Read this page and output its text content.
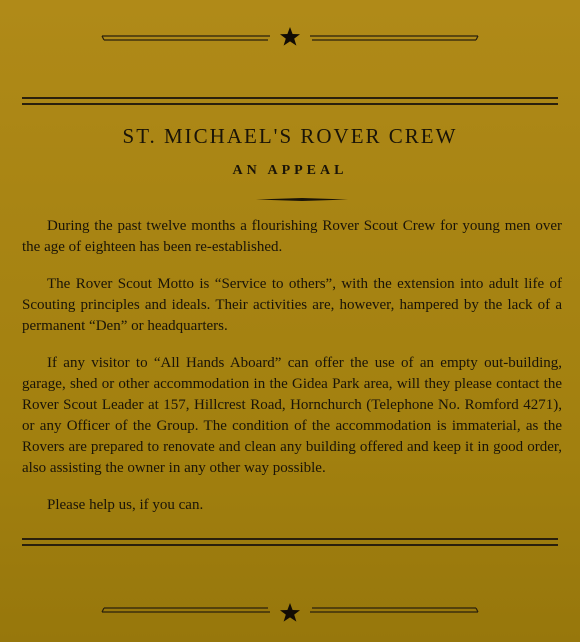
ST. MICHAEL'S ROVER CREW
AN APPEAL

During the past twelve months a flourishing Rover Scout Crew for young men over the age of eighteen has been re-established.

The Rover Scout Motto is “Service to others”, with the extension into adult life of Scouting principles and ideals. Their activities are, however, hampered by the lack of a permanent “Den” or headquarters.

If any visitor to “All Hands Aboard” can offer the use of an empty out-building, garage, shed or other accommodation in the Gidea Park area, will they please contact the Rover Scout Leader at 157, Hillcrest Road, Hornchurch (Telephone No. Romford 4271), or any Officer of the Group. The condition of the accommodation is immaterial, as the Rovers are prepared to renovate and clean any building offered and keep it in good order, also assisting the owner in any other way possible.

Please help us, if you can.
